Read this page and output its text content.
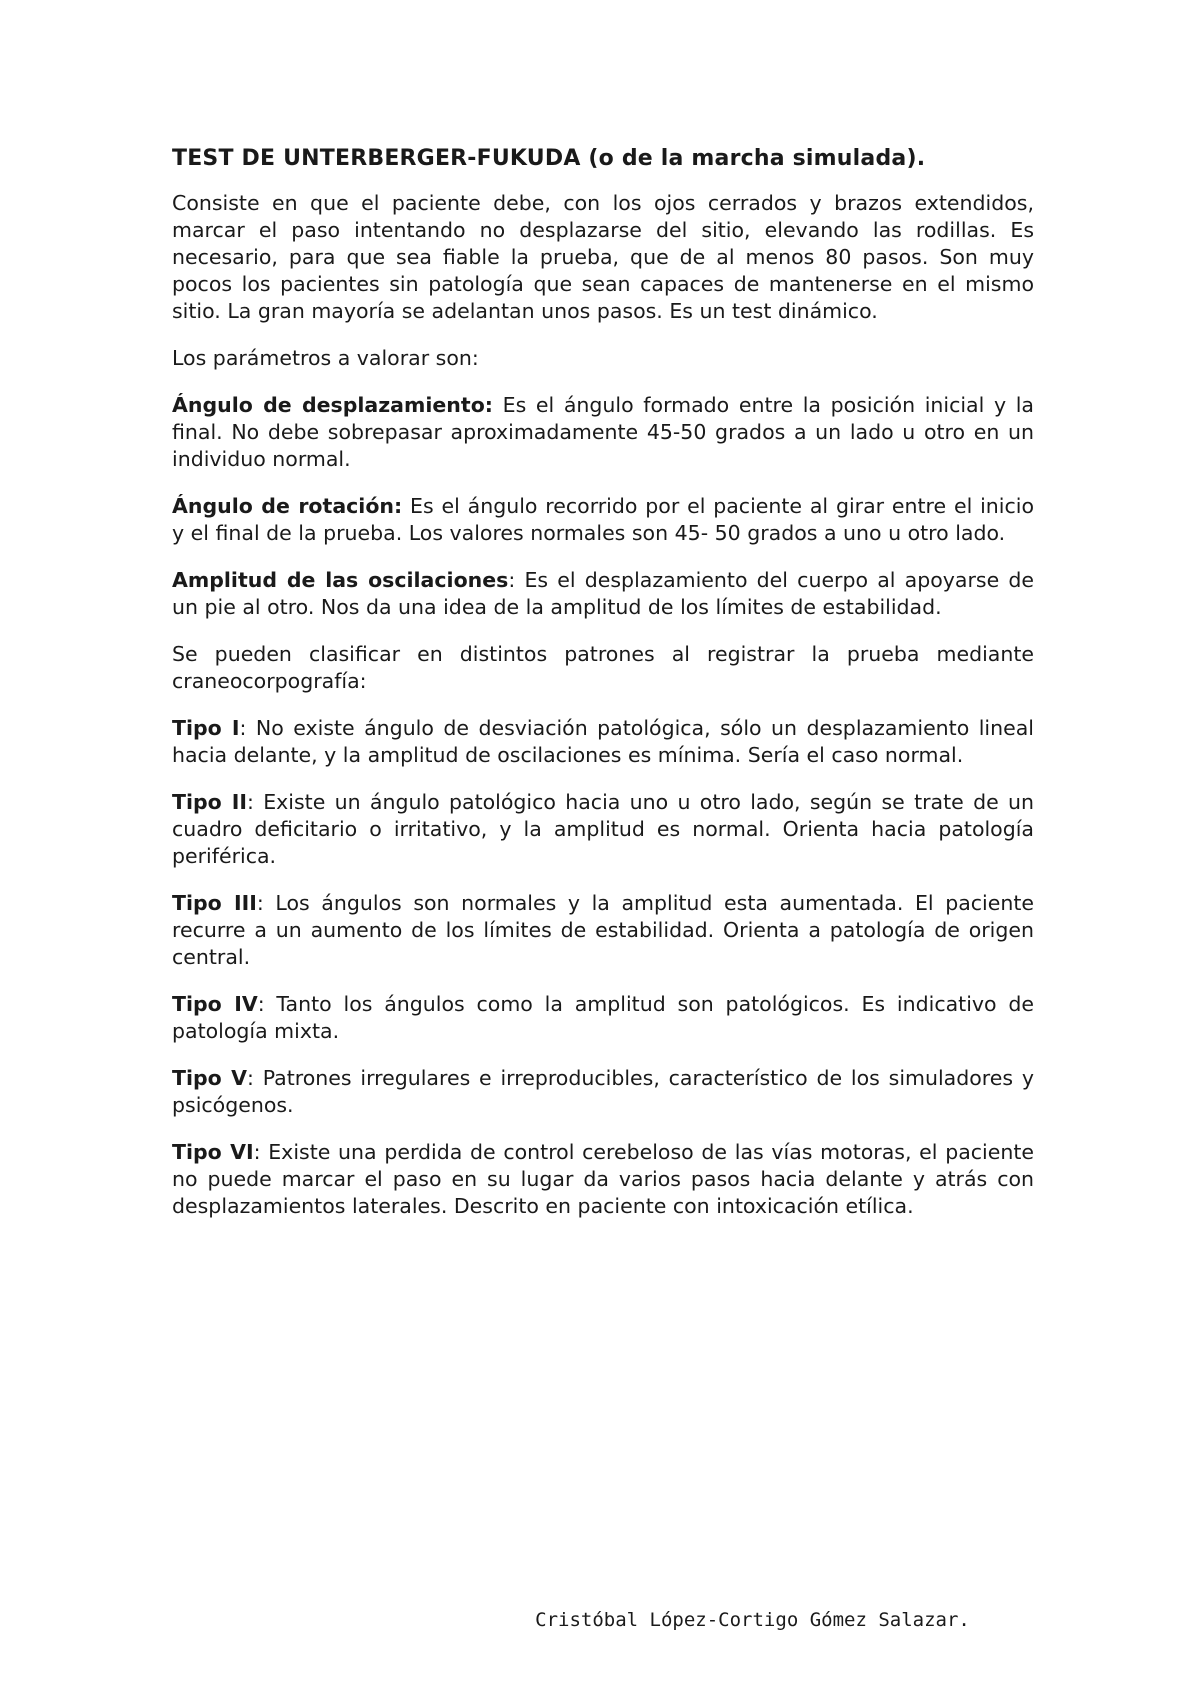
TEST DE UNTERBERGER-FUKUDA (o de la marcha simulada).

Consiste en que el paciente debe, con los ojos cerrados y brazos extendidos, marcar el paso intentando no desplazarse del sitio, elevando las rodillas. Es necesario, para que sea fiable la prueba, que de al menos 80 pasos. Son muy pocos los pacientes sin patología que sean capaces de mantenerse en el mismo sitio. La gran mayoría se adelantan unos pasos. Es un test dinámico.

Los parámetros a valorar son:

Ángulo de desplazamiento: Es el ángulo formado entre la posición inicial y la final. No debe sobrepasar aproximadamente 45-50 grados a un lado u otro en un individuo normal.

Ángulo de rotación: Es el ángulo recorrido por el paciente al girar entre el inicio y el final de la prueba. Los valores normales son 45- 50 grados a uno u otro lado.

Amplitud de las oscilaciones: Es el desplazamiento del cuerpo al apoyarse de un pie al otro. Nos da una idea de la amplitud de los límites de estabilidad.

Se pueden clasificar en distintos patrones al registrar la prueba mediante craneocorpografía:

Tipo I: No existe ángulo de desviación patológica, sólo un desplazamiento lineal hacia delante, y la amplitud de oscilaciones es mínima. Sería el caso normal.

Tipo II: Existe un ángulo patológico hacia uno u otro lado, según se trate de un cuadro deficitario o irritativo, y la amplitud es normal. Orienta hacia patología periférica.

Tipo III: Los ángulos son normales y la amplitud esta aumentada. El paciente recurre a un aumento de los límites de estabilidad. Orienta a patología de origen central.

Tipo IV: Tanto los ángulos como la amplitud son patológicos. Es indicativo de patología mixta.

Tipo V: Patrones irregulares e irreproducibles, característico de los simuladores y psicógenos.

Tipo VI: Existe una perdida de control cerebeloso de las vías motoras, el paciente no puede marcar el paso en su lugar da varios pasos hacia delante y atrás con desplazamientos laterales. Descrito en paciente con intoxicación etílica.

Cristóbal López-Cortigo Gómez Salazar.
